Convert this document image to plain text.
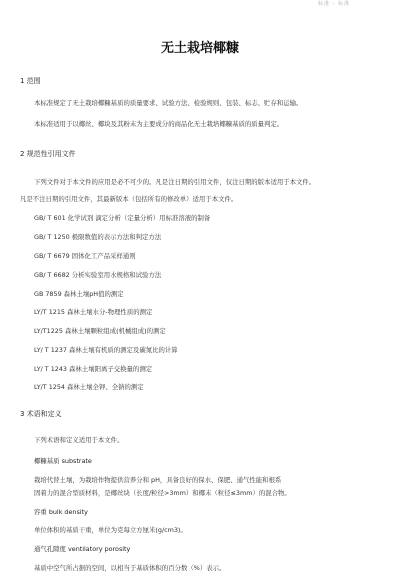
标准 - 标准
无土栽培椰糠
1 范围
本标准规定了无土栽培椰糠基质的质量要求、试验方法、检验规则、包装、标志、贮存和运输。
本标准适用于以椰丝、椰块及其粉末为主要成分的商品化无土栽培椰糠基质的质量判定。
2 规范性引用文件
下列文件对于本文件的应用是必不可少的。凡是注日期的引用文件，仅注日期的版本适用于本文件。
凡是不注日期的引用文件，其最新版本（包括所有的修改单）适用于本文件。
GB/ T 601 化学试剂 滴定分析（定量分析）用标准溶液的制备
GB/ T 1250 极限数值的表示方法和判定方法
GB/ T 6679 固体化工产品采样通则
GB/ T 6682 分析实验室用水规格和试验方法
GB 7859 森林土壤pH值的测定
LY/T 1215 森林土壤水分-物理性质的测定
LY/T1225 森林土壤颗粒组成(机械组成)的测定
LY/ T 1237 森林土壤有机质的测定及碳氮比的计算
LY/ T 1243 森林土壤阳离子交换量的测定
LY/T 1254 森林土壤全钾、全钠的测定
3 术语和定义
下列术语和定义适用于本文件。
椰糠基质 substrate
栽培代替土壤，为栽培作物提供营养分和 pH，具备良好的保水、保肥、通气性能和根系
固着力的混合型质材料，是椰丝块（长度/粒径>3mm）和椰末（粒径≤3mm）的混合物。
容重 bulk density
单位体积的基质干重，单位为克每立方厘米(g/cm3)。
通气孔隙度 ventilatory porosity
基质中空气所占据的空间，以相当于基质体积的百分数（%）表示。
